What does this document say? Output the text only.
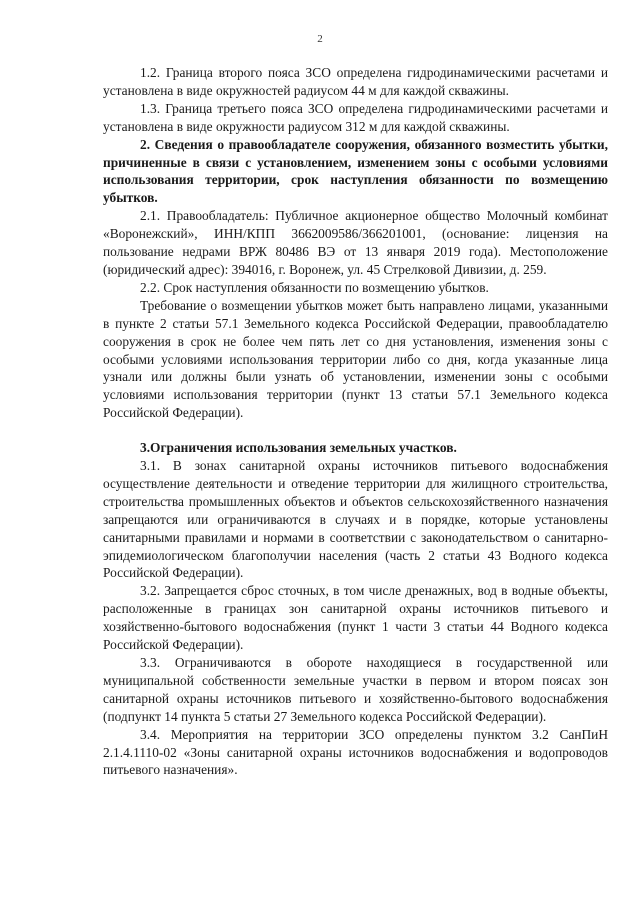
2

1.2. Граница второго пояса ЗСО определена гидродинамическими расчетами и установлена в виде окружностей радиусом 44 м для каждой скважины.

1.3. Граница третьего пояса ЗСО определена гидродинамическими расчетами и установлена в виде окружности радиусом 312 м для каждой скважины.

2. Сведения о правообладателе сооружения, обязанного возместить убытки, причиненные в связи с установлением, изменением зоны с особыми условиями использования территории, срок наступления обязанности по возмещению убытков.

2.1. Правообладатель: Публичное акционерное общество Молочный комбинат «Воронежский», ИНН/КПП 3662009586/366201001, (основание: лицензия на пользование недрами ВРЖ 80486 ВЭ от 13 января 2019 года). Местоположение (юридический адрес): 394016, г. Воронеж, ул. 45 Стрелковой Дивизии, д. 259.

2.2. Срок наступления обязанности по возмещению убытков.

Требование о возмещении убытков может быть направлено лицами, указанными в пункте 2 статьи 57.1 Земельного кодекса Российской Федерации, правообладателю сооружения в срок не более чем пять лет со дня установления, изменения зоны с особыми условиями использования территории либо со дня, когда указанные лица узнали или должны были узнать об установлении, изменении зоны с особыми условиями использования территории (пункт 13 статьи 57.1 Земельного кодекса Российской Федерации).

3.Ограничения использования земельных участков.

3.1. В зонах санитарной охраны источников питьевого водоснабжения осуществление деятельности и отведение территории для жилищного строительства, строительства промышленных объектов и объектов сельскохозяйственного назначения запрещаются или ограничиваются в случаях и в порядке, которые установлены санитарными правилами и нормами в соответствии с законодательством о санитарно-эпидемиологическом благополучии населения (часть 2 статьи 43 Водного кодекса Российской Федерации).

3.2. Запрещается сброс сточных, в том числе дренажных, вод в водные объекты, расположенные в границах зон санитарной охраны источников питьевого и хозяйственно-бытового водоснабжения (пункт 1 части 3 статьи 44 Водного кодекса Российской Федерации).

3.3. Ограничиваются в обороте находящиеся в государственной или муниципальной собственности земельные участки в первом и втором поясах зон санитарной охраны источников питьевого и хозяйственно-бытового водоснабжения (подпункт 14 пункта 5 статьи 27 Земельного кодекса Российской Федерации).

3.4. Мероприятия на территории ЗСО определены пунктом 3.2 СанПиН 2.1.4.1110-02 «Зоны санитарной охраны источников водоснабжения и водопроводов питьевого назначения».
